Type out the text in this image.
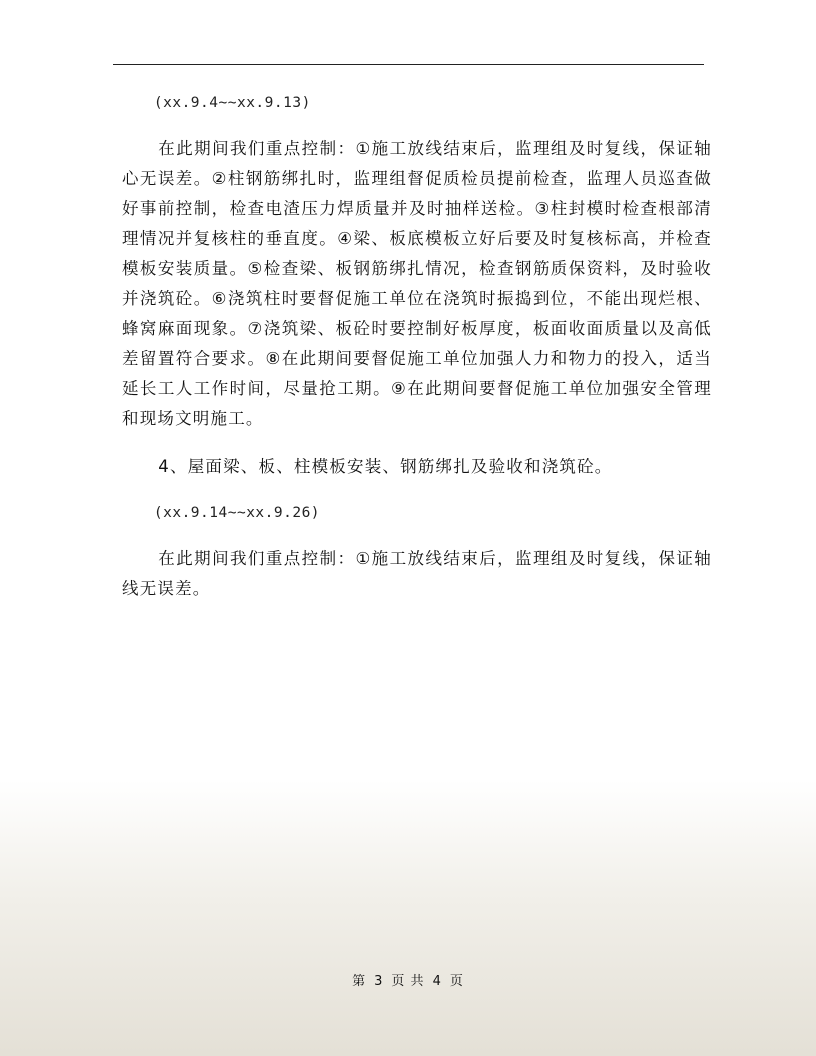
(xx.9.4~~xx.9.13)

在此期间我们重点控制：①施工放线结束后，监理组及时复线，保证轴心无误差。②柱钢筋绑扎时，监理组督促质检员提前检查，监理人员巡查做好事前控制，检查电渣压力焊质量并及时抽样送检。③柱封模时检查根部清理情况并复核柱的垂直度。④梁、板底模板立好后要及时复核标高，并检查模板安装质量。⑤检查梁、板钢筋绑扎情况，检查钢筋质保资料，及时验收并浇筑砼。⑥浇筑柱时要督促施工单位在浇筑时振捣到位，不能出现烂根、蜂窝麻面现象。⑦浇筑梁、板砼时要控制好板厚度，板面收面质量以及高低差留置符合要求。⑧在此期间要督促施工单位加强人力和物力的投入，适当延长工人工作时间，尽量抢工期。⑨在此期间要督促施工单位加强安全管理和现场文明施工。

4、屋面梁、板、柱模板安装、钢筋绑扎及验收和浇筑砼。

(xx.9.14~~xx.9.26)

在此期间我们重点控制：①施工放线结束后，监理组及时复线，保证轴线无误差。

第 3 页 共 4 页
